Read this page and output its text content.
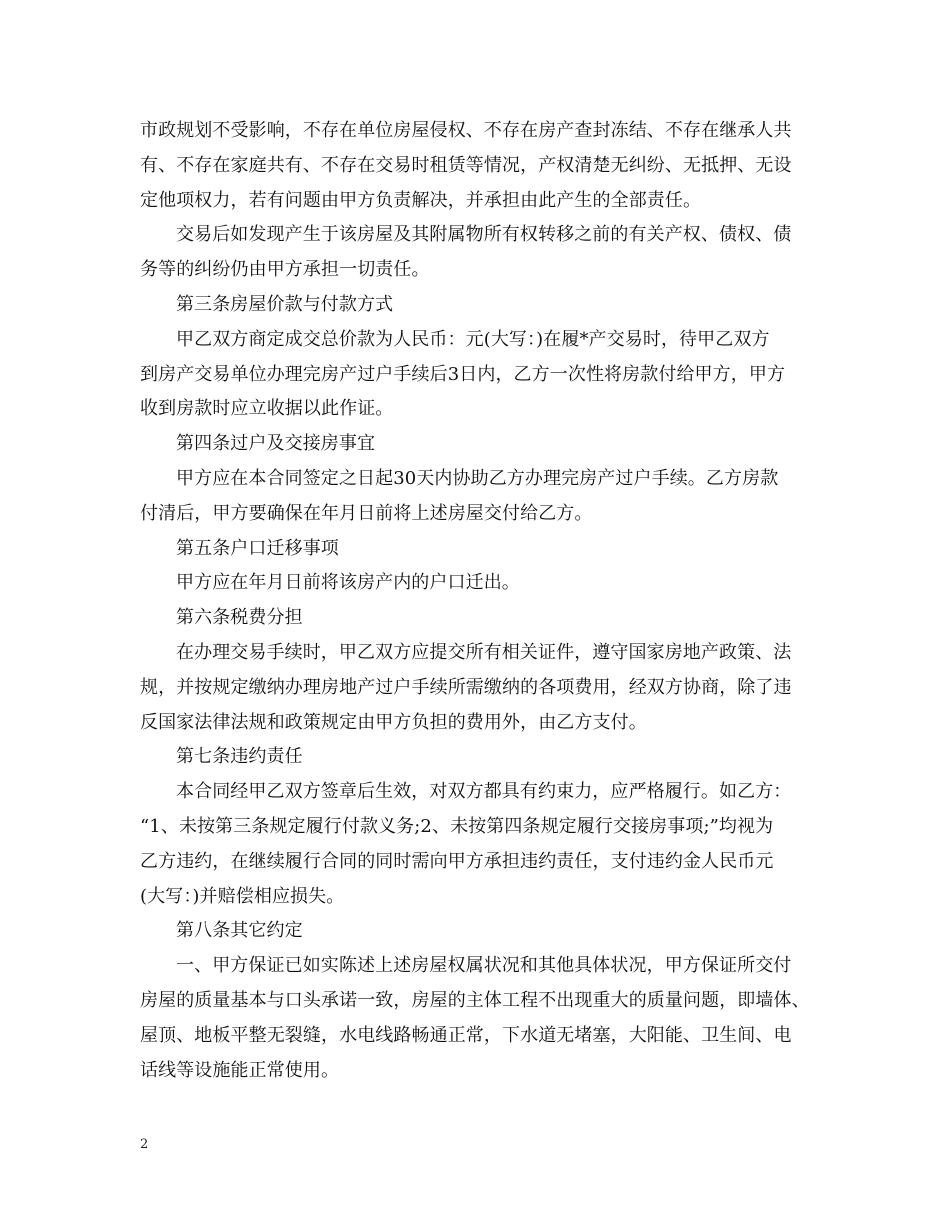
市政规划不受影响，不存在单位房屋侵权、不存在房产查封冻结、不存在继承人共
有、不存在家庭共有、不存在交易时租赁等情况，产权清楚无纠纷、无抵押、无设
定他项权力，若有问题由甲方负责解决，并承担由此产生的全部责任。
交易后如发现产生于该房屋及其附属物所有权转移之前的有关产权、债权、债
务等的纠纷仍由甲方承担一切责任。
第三条房屋价款与付款方式
甲乙双方商定成交总价款为人民币：元(大写：)在履*产交易时，待甲乙双方
到房产交易单位办理完房产过户手续后3日内，乙方一次性将房款付给甲方，甲方
收到房款时应立收据以此作证。
第四条过户及交接房事宜
甲方应在本合同签定之日起30天内协助乙方办理完房产过户手续。乙方房款
付清后，甲方要确保在年月日前将上述房屋交付给乙方。
第五条户口迁移事项
甲方应在年月日前将该房产内的户口迁出。
第六条税费分担
在办理交易手续时，甲乙双方应提交所有相关证件，遵守国家房地产政策、法
规，并按规定缴纳办理房地产过户手续所需缴纳的各项费用，经双方协商，除了违
反国家法律法规和政策规定由甲方负担的费用外，由乙方支付。
第七条违约责任
本合同经甲乙双方签章后生效，对双方都具有约束力，应严格履行。如乙方：
“1、未按第三条规定履行付款义务;2、未按第四条规定履行交接房事项;”均视为
乙方违约，在继续履行合同的同时需向甲方承担违约责任，支付违约金人民币元
(大写：)并赔偿相应损失。
第八条其它约定
一、甲方保证已如实陈述上述房屋权属状况和其他具体状况，甲方保证所交付
房屋的质量基本与口头承诺一致，房屋的主体工程不出现重大的质量问题，即墙体、
屋顶、地板平整无裂缝，水电线路畅通正常，下水道无堵塞，大阳能、卫生间、电
话线等设施能正常使用。
2
